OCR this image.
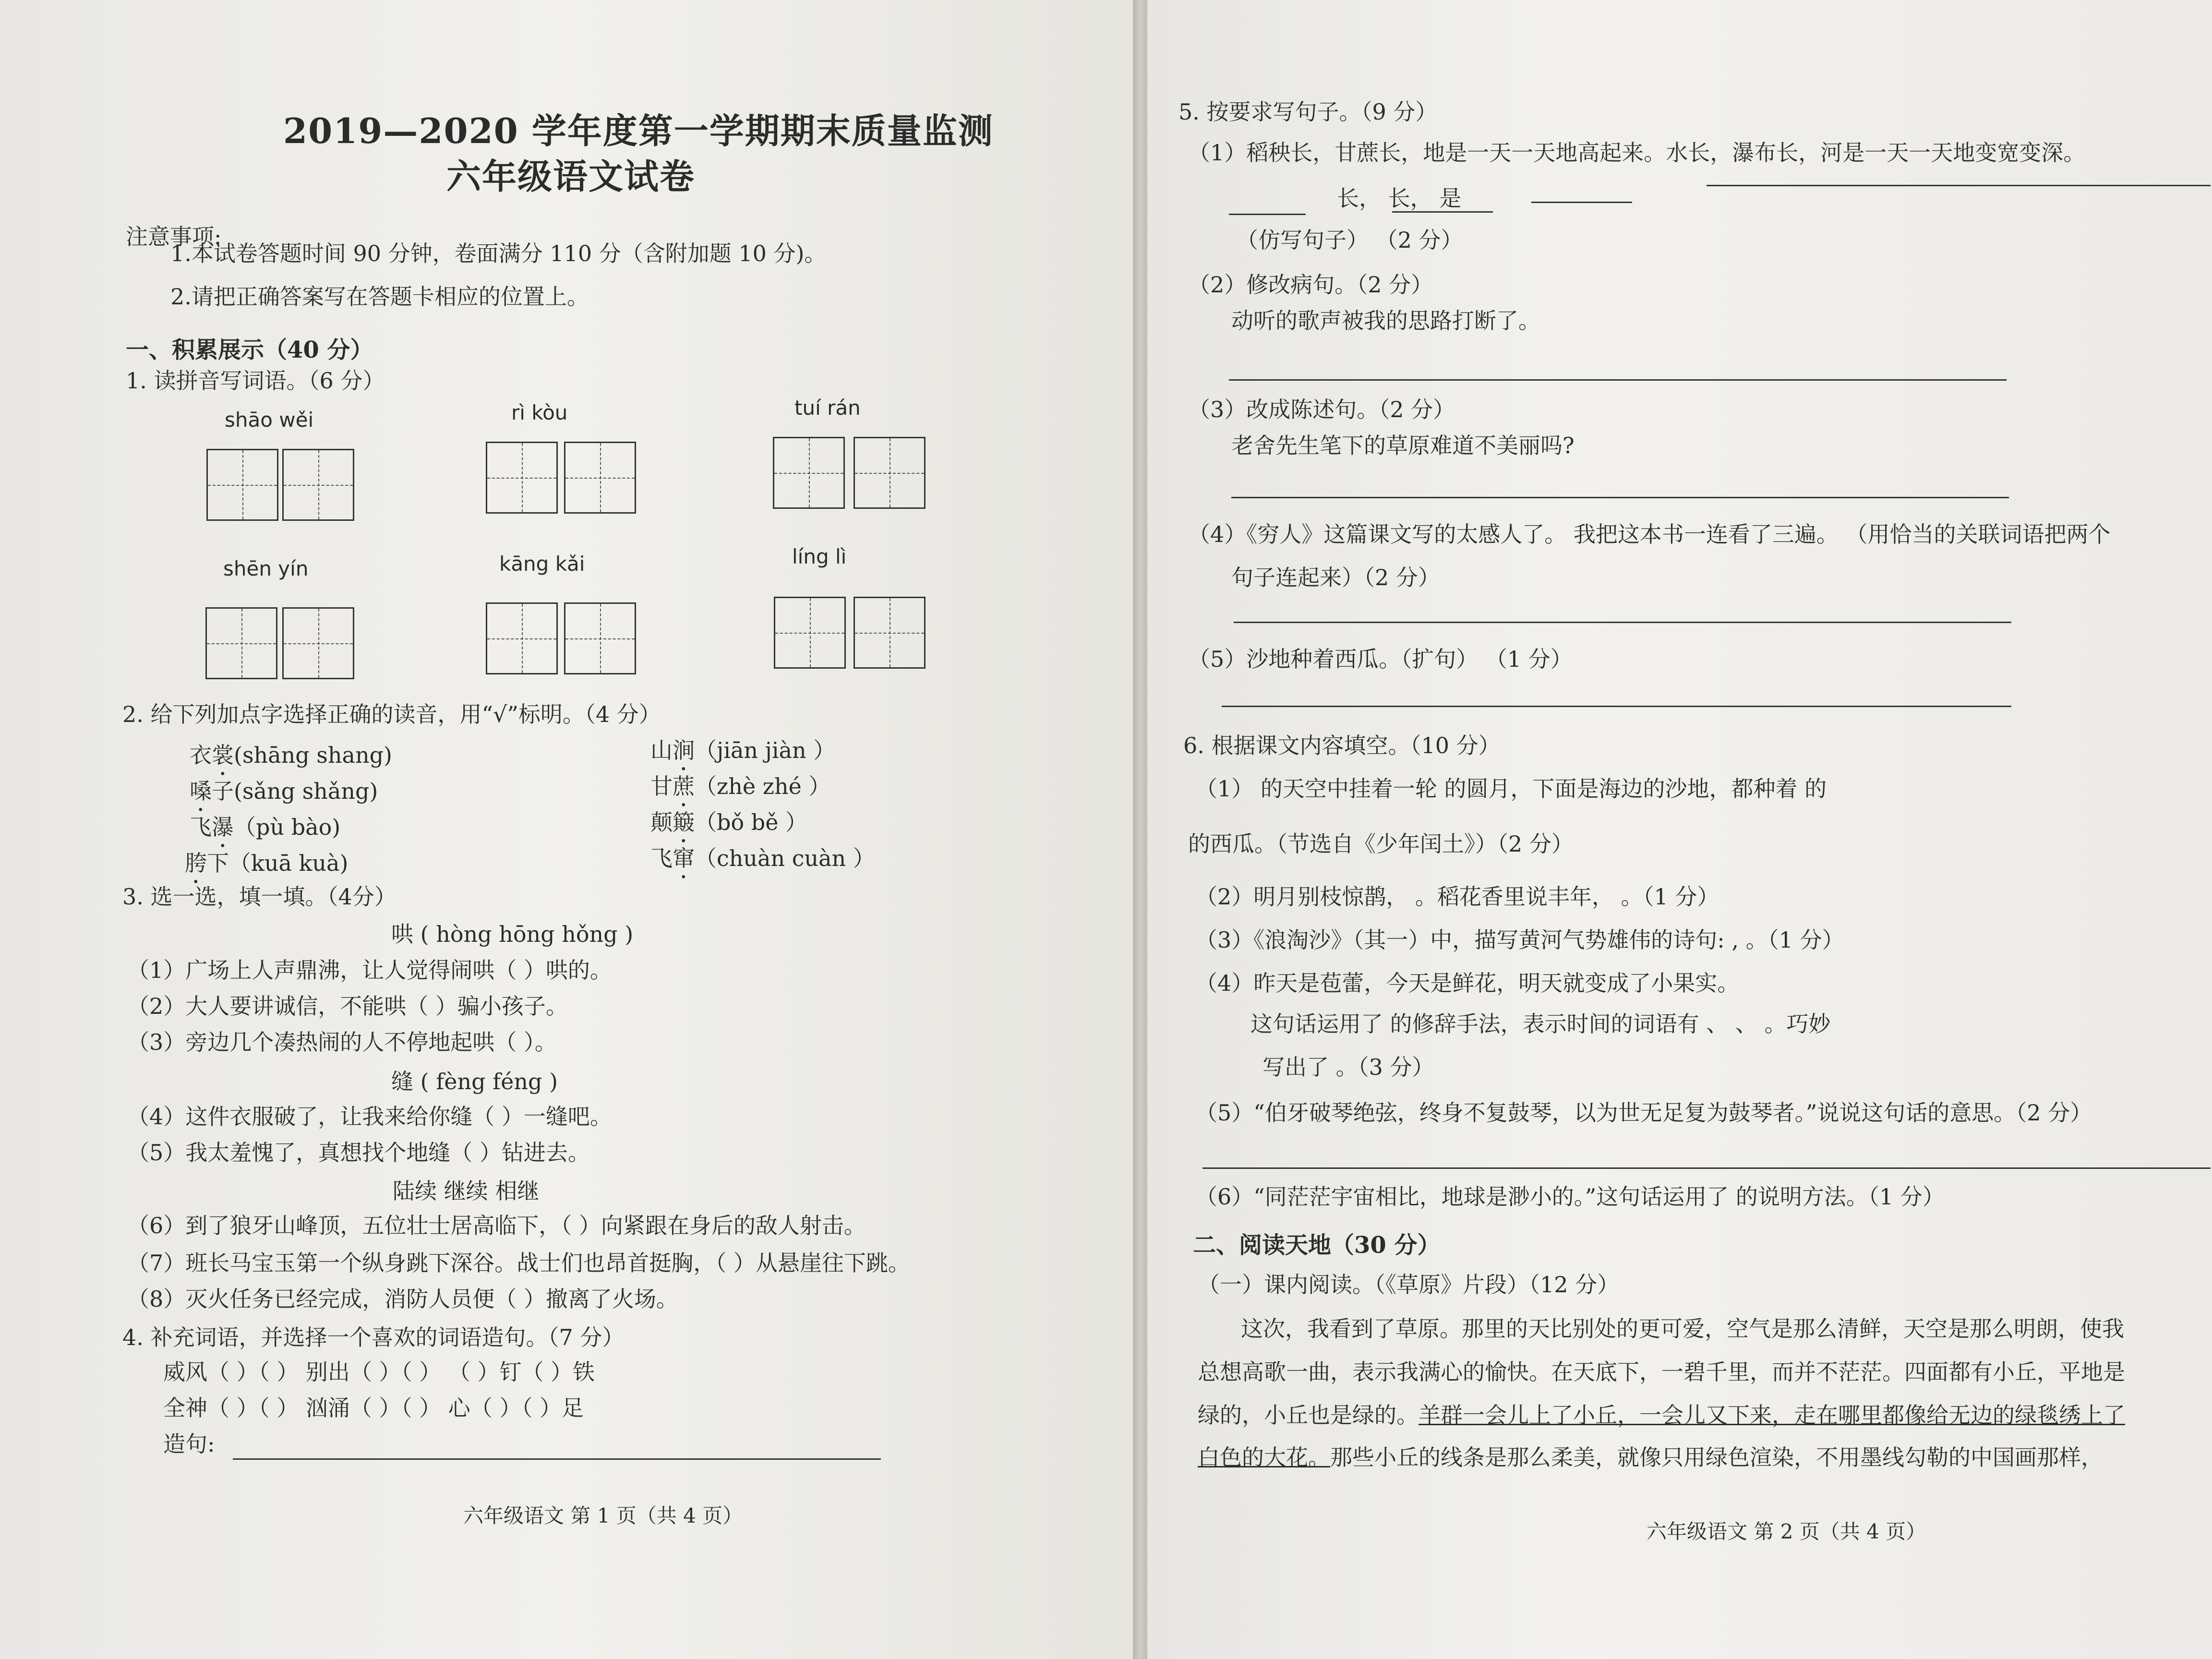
2019—2020 学年度第一学期期末质量监测
六年级语文试卷
注意事项:
1.本试卷答题时间 90 分钟，卷面满分 110 分（含附加题 10 分)。
2.请把正确答案写在答题卡相应的位置上。
一、积累展示（40 分）
1. 读拼音写词语。（6 分）
shāo wěi	rì kòu	tuí rán
shēn yín	kāng kǎi	líng lì
2. 给下列加点字选择正确的读音，用“√”标明。（4 分）
衣裳(shāng shang)
嗓子(sǎng shǎng)
飞瀑（pù bào)
胯下（kuā kuà)
山涧（jiān jiàn ）
甘蔗（zhè zhé ）
颠簸（bǒ bě ）
飞窜（chuàn cuàn ）
3. 选一选，填一填。（4分）
哄 ( hòng hōng hǒng )
（1）广场上人声鼎沸，让人觉得闹哄（ ）哄的。
（2）大人要讲诚信，不能哄（ ）骗小孩子。
（3）旁边几个凑热闹的人不停地起哄（ ）。
缝 ( fèng féng )
（4）这件衣服破了，让我来给你缝（ ）一缝吧。
（5）我太羞愧了，真想找个地缝（ ）钻进去。
陆续 继续 相继
（6）到了狼牙山峰顶，五位壮士居高临下，（ ）向紧跟在身后的敌人射击。
（7）班长马宝玉第一个纵身跳下深谷。战士们也昂首挺胸，（ ）从悬崖往下跳。
（8）灭火任务已经完成，消防人员便（ ）撤离了火场。
4. 补充词语，并选择一个喜欢的词语造句。（7 分）
威风（ ）（ ） 别出（ ）（ ） （ ）钉（ ）铁
全神（ ）（ ） 汹涌（ ）（ ） 心（ ）（ ）足
造句:
六年级语文 第 1 页（共 4 页）
5. 按要求写句子。（9 分）
（1）稻秧长，甘蔗长，地是一天一天地高起来。水长，瀑布长，河是一天一天地变宽变深。
长， 长， 是
（仿写句子） （2 分）
（2）修改病句。（2 分）
动听的歌声被我的思路打断了。
（3）改成陈述句。（2 分）
老舍先生笔下的草原难道不美丽吗?
（4）《穷人》这篇课文写的太感人了。 我把这本书一连看了三遍。 （用恰当的关联词语把两个
句子连起来）（2 分）
（5）沙地种着西瓜。（扩句） （1 分）
6. 根据课文内容填空。（10 分）
（1） 的天空中挂着一轮 的圆月，下面是海边的沙地，都种着 的
的西瓜。（节选自《少年闰土》）（2 分）
（2）明月别枝惊鹊， 。稻花香里说丰年， 。（1 分）
（3）《浪淘沙》（其一）中，描写黄河气势雄伟的诗句: , 。（1 分）
（4）昨天是苞蕾，今天是鲜花，明天就变成了小果实。
这句话运用了 的修辞手法，表示时间的词语有 、 、 。巧妙
写出了 。（3 分）
（5）“伯牙破琴绝弦，终身不复鼓琴，以为世无足复为鼓琴者。”说说这句话的意思。（2 分）
（6）“同茫茫宇宙相比，地球是渺小的。”这句话运用了 的说明方法。（1 分）
二、阅读天地（30 分）
（一）课内阅读。（《草原》片段）（12 分）
这次，我看到了草原。那里的天比别处的更可爱，空气是那么清鲜，天空是那么明朗，使我
总想高歌一曲，表示我满心的愉快。在天底下，一碧千里，而并不茫茫。四面都有小丘，平地是
绿的，小丘也是绿的。羊群一会儿上了小丘，一会儿又下来，走在哪里都像给无边的绿毯绣上了
白色的大花。那些小丘的线条是那么柔美，就像只用绿色渲染，不用墨线勾勒的中国画那样，
六年级语文 第 2 页（共 4 页）
